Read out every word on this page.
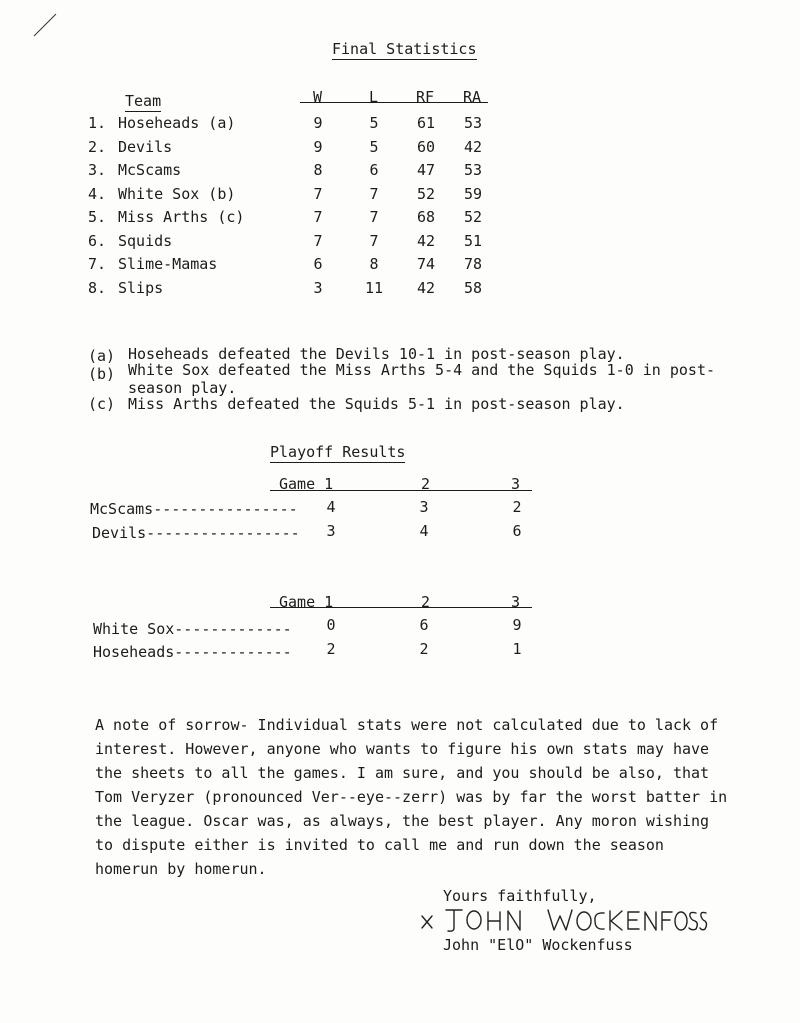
Final Statistics
Team	W	L	RF RA
1. Hoseheads (a)	9	5	61 53
2. Devils	9	5	60 42
3. McScams	8	6	47 53
4. White Sox (b)	7	7	52 59
5. Miss Arths (c)	7	7	68 52
6. Squids	7	7	42 51
7. Slime-Mamas	6	8	74 78
8. Slips	3	11 42 58
(a) Hoseheads defeated the Devils 10-1 in post-season play.
(b) White Sox defeated the Miss Arths 5-4 and the Squids 1-0 in post-
season play.
(c) Miss Arths defeated the Squids 5-1 in post-season play.
Playoff Results
Game 1	2	3
McScams---------------- 4	3	2
Devils----------------- 3	4	6
Game 1	2	3
White Sox------------- 0	6	9
Hoseheads------------- 2	2	1
A note of sorrow- Individual stats were not calculated due to lack of interest. However, anyone who wants to figure his own stats may have the sheets to all the games. I am sure, and you should be also, that Tom Veryzer (pronounced Ver--eye--zerr) was by far the worst batter in the league. Oscar was, as always, the best player. Any moron wishing to dispute either is invited to call me and run down the season homerun by homerun.
Yours faithfully,
John "ElO" Wockenfuss
